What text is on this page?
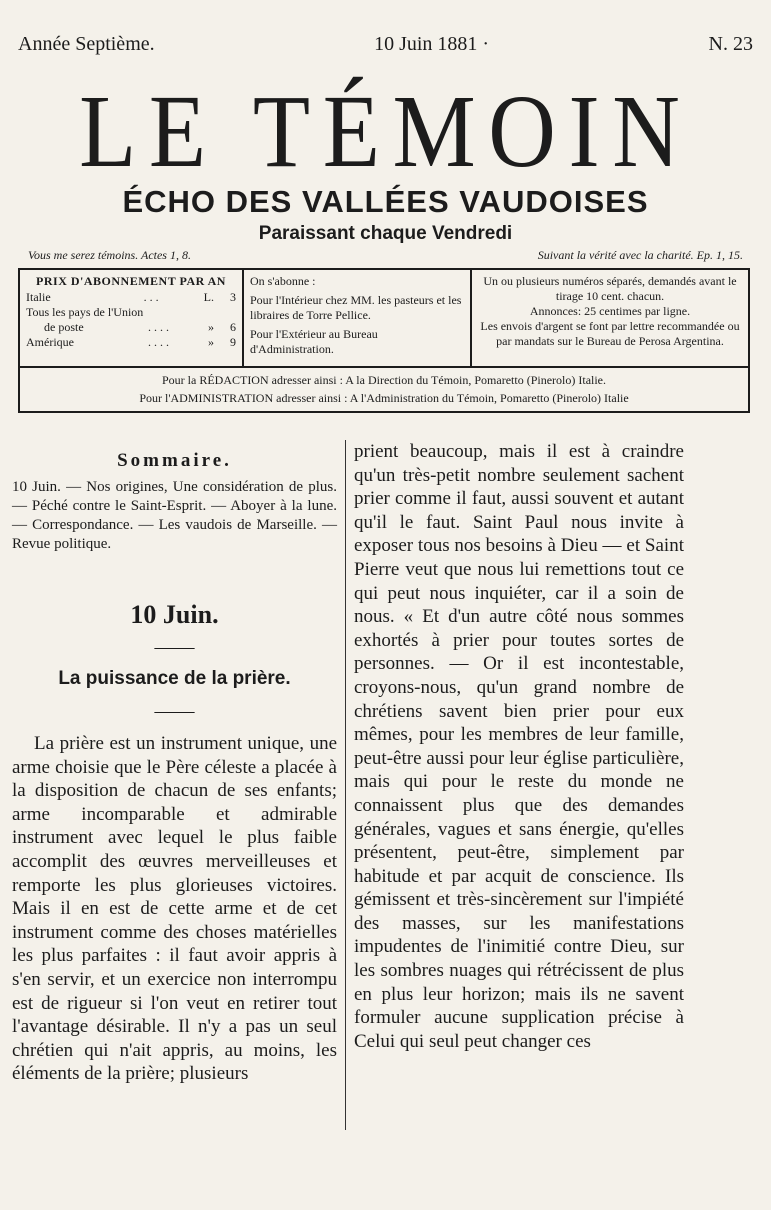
Année Septième.	10 Juin 1881 ·	N. 23
LE TÉMOIN
ÉCHO DES VALLÉES VAUDOISES
Paraissant chaque Vendredi
Vous me serez témoins. Actes 1, 8.	Suivant la vérité avec la charité. Ep. 1, 15.
PRIX D'ABONNEMENT PAR AN
Italie	. . .	L.	3
Tous les pays de l'Union
de poste	. . . .	»	6
Amérique	. . . .	»	9
On s'abonne :
Pour l'Intérieur chez MM. les pasteurs et les libraires de Torre Pellice.
Pour l'Extérieur au Bureau d'Administration.
Un ou plusieurs numéros séparés, demandés avant le tirage 10 cent. chacun.
Annonces: 25 centimes par ligne.
Les envois d'argent se font par lettre recommandée ou par mandats sur le Bureau de Perosa Argentina.
Pour la RÉDACTION adresser ainsi : A la Direction du Témoin, Pomaretto (Pinerolo) Italie.
Pour l'ADMINISTRATION adresser ainsi : A l'Administration du Témoin, Pomaretto (Pinerolo) Italie
Sommaire.
10 Juin. — Nos origines, Une considération de plus. — Péché contre le Saint-Esprit. — Aboyer à la lune. — Correspondance. — Les vaudois de Marseille. — Revue politique.
10 Juin.
——
La puissance de la prière.
——
La prière est un instrument unique, une arme choisie que le Père céleste a placée à la disposition de chacun de ses enfants; arme incomparable et admirable instrument avec lequel le plus faible accomplit des œuvres merveilleuses et remporte les plus glorieuses victoires. Mais il en est de cette arme et de cet instrument comme des choses matérielles les plus parfaites : il faut avoir appris à s'en servir, et un exercice non interrompu est de rigueur si l'on veut en retirer tout l'avantage désirable. Il n'y a pas un seul chrétien qui n'ait appris, au moins, les éléments de la prière; plusieurs
prient beaucoup, mais il est à craindre qu'un très-petit nombre seulement sachent prier comme il faut, aussi souvent et autant qu'il le faut. Saint Paul nous invite à exposer tous nos besoins à Dieu — et Saint Pierre veut que nous lui remettions tout ce qui peut nous inquiéter, car il a soin de nous. « Et d'un autre côté nous sommes exhortés à prier pour toutes sortes de personnes. — Or il est incontestable, croyons-nous, qu'un grand nombre de chrétiens savent bien prier pour eux mêmes, pour les membres de leur famille, peut-être aussi pour leur église particulière, mais qui pour le reste du monde ne connaissent plus que des demandes générales, vagues et sans énergie, qu'elles présentent, peut-être, simplement par habitude et par acquit de conscience. Ils gémissent et très-sincèrement sur l'impiété des masses, sur les manifestations impudentes de l'inimitié contre Dieu, sur les sombres nuages qui rétrécissent de plus en plus leur horizon; mais ils ne savent formuler aucune supplication précise à Celui qui seul peut changer ces
